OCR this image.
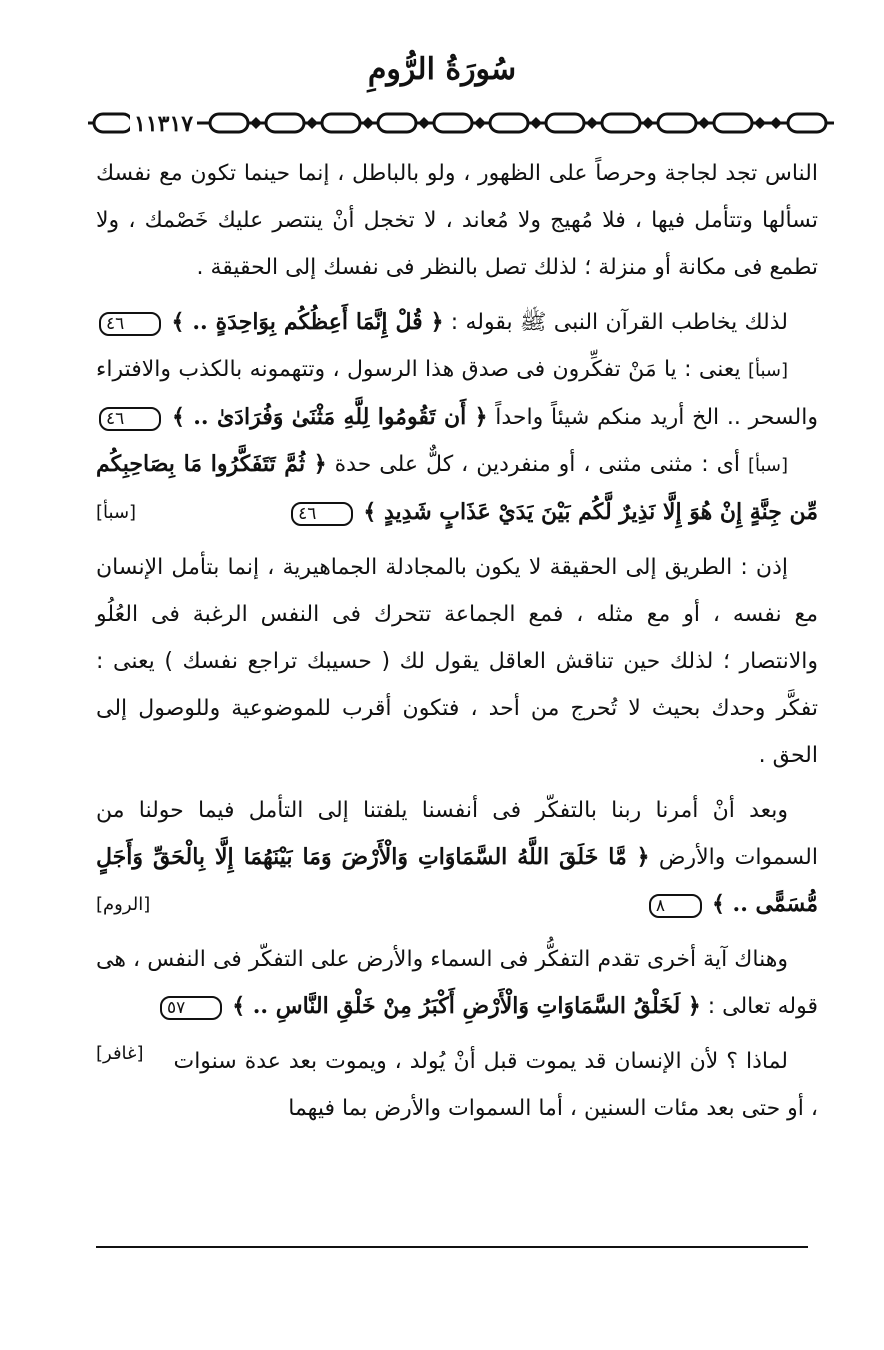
سُورَةُ الرُّومِ
١١٣١٧

الناس تجد لجاجة وحرصاً على الظهور ، ولو بالباطل ، إنما حينما تكون مع نفسك تسألها وتتأمل فيها ، فلا مُهيج ولا مُعاند ، لا تخجل أنْ ينتصر عليك خَصْمك ، ولا تطمع فى مكانة أو منزلة ؛ لذلك تصل بالنظر فى نفسك إلى الحقيقة .

لذلك يخاطب القرآن النبى ﷺ بقوله : ﴿ قُلْ إِنَّمَا أَعِظُكُم بِوَاحِدَةٍ .. ﴾ ٤٦ [سبأ] يعنى : يا مَنْ تفكِّرون فى صدق هذا الرسول ، وتتهمونه بالكذب والافتراء والسحر .. الخ أريد منكم شيئاً واحداً ﴿ أَن تَقُومُوا لِلَّهِ مَثْنَىٰ وَفُرَادَىٰ .. ﴾ ٤٦ [سبأ] أى : مثنى مثنى ، أو منفردين ، كلٌّ على حدة ﴿ ثُمَّ تَتَفَكَّرُوا مَا بِصَاحِبِكُم مِّن جِنَّةٍ إِنْ هُوَ إِلَّا نَذِيرٌ لَّكُم بَيْنَ يَدَيْ عَذَابٍ شَدِيدٍ ﴾ ٤٦
[سبأ]

إذن : الطريق إلى الحقيقة لا يكون بالمجادلة الجماهيرية ، إنما بتأمل الإنسان مع نفسه ، أو مع مثله ، فمع الجماعة تتحرك فى النفس الرغبة فى العُلُو والانتصار ؛ لذلك حين تناقش العاقل يقول لك ( حسيبك تراجع نفسك ) يعنى : تفكَّر وحدك بحيث لا تُحرج من أحد ، فتكون أقرب للموضوعية وللوصول إلى الحق .

وبعد أنْ أمرنا ربنا بالتفكّر فى أنفسنا يلفتنا إلى التأمل فيما حولنا من السموات والأرض ﴿ مَّا خَلَقَ اللَّهُ السَّمَاوَاتِ وَالْأَرْضَ وَمَا بَيْنَهُمَا إِلَّا بِالْحَقِّ وَأَجَلٍ مُّسَمًّى .. ﴾ ٨
[الروم]

وهناك آية أخرى تقدم التفكُّر فى السماء والأرض على التفكّر فى النفس ، هى قوله تعالى : ﴿ لَخَلْقُ السَّمَاوَاتِ وَالْأَرْضِ أَكْبَرُ مِنْ خَلْقِ النَّاسِ .. ﴾ ٥٧
[غافر]	لماذا ؟ لأن الإنسان قد يموت قبل أنْ يُولد ، ويموت بعد عدة سنوات ، أو حتى بعد مئات السنين ، أما السموات والأرض بما فيهما
